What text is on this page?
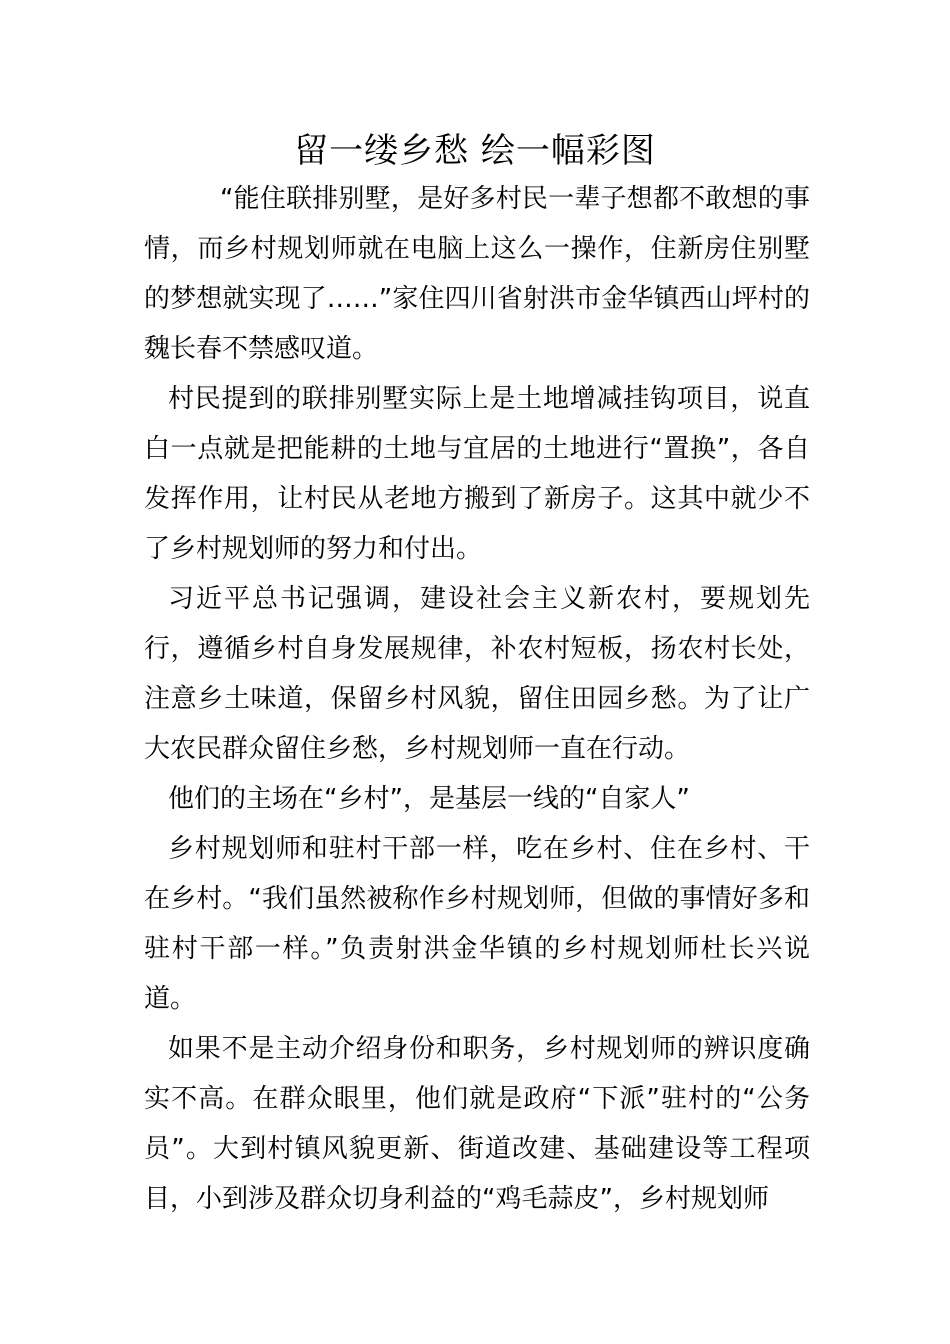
留一缕乡愁 绘一幅彩图

“能住联排别墅，是好多村民一辈子想都不敢想的事情，而乡村规划师就在电脑上这么一操作，住新房住别墅的梦想就实现了……”家住四川省射洪市金华镇西山坪村的魏长春不禁感叹道。

村民提到的联排别墅实际上是土地增减挂钩项目，说直白一点就是把能耕的土地与宜居的土地进行“置换”，各自发挥作用，让村民从老地方搬到了新房子。这其中就少不了乡村规划师的努力和付出。

习近平总书记强调，建设社会主义新农村，要规划先行，遵循乡村自身发展规律，补农村短板，扬农村长处，注意乡土味道，保留乡村风貌，留住田园乡愁。为了让广大农民群众留住乡愁，乡村规划师一直在行动。

他们的主场在“乡村”，是基层一线的“自家人”

乡村规划师和驻村干部一样，吃在乡村、住在乡村、干在乡村。“我们虽然被称作乡村规划师，但做的事情好多和驻村干部一样。”负责射洪金华镇的乡村规划师杜长兴说道。

如果不是主动介绍身份和职务，乡村规划师的辨识度确实不高。在群众眼里，他们就是政府“下派”驻村的“公务员”。大到村镇风貌更新、街道改建、基础建设等工程项目，小到涉及群众切身利益的“鸡毛蒜皮”，乡村规划师
